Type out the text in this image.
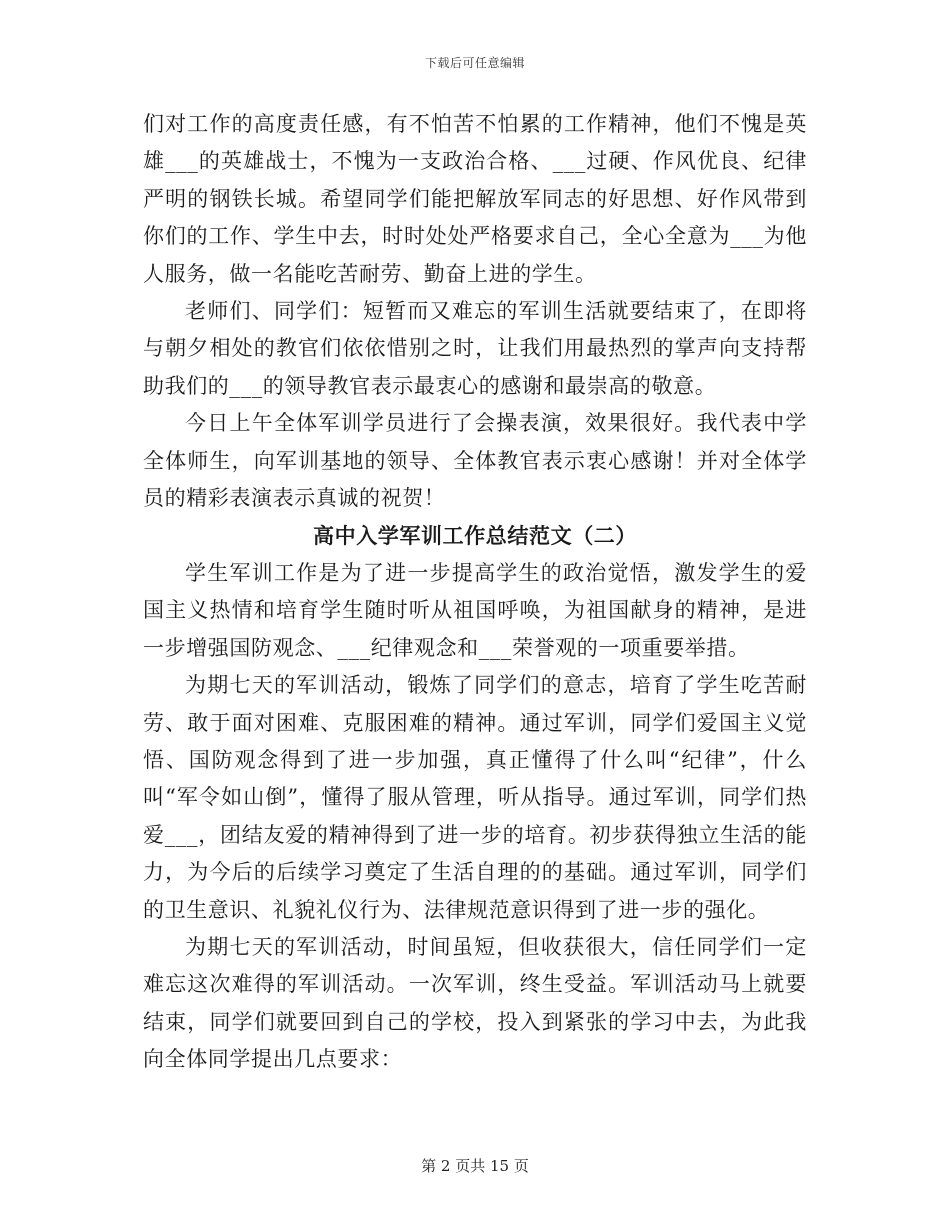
下载后可任意编辑

们对工作的高度责任感，有不怕苦不怕累的工作精神，他们不愧是英雄___的英雄战士，不愧为一支政治合格、___过硬、作风优良、纪律严明的钢铁长城。希望同学们能把解放军同志的好思想、好作风带到你们的工作、学生中去，时时处处严格要求自己，全心全意为___为他人服务，做一名能吃苦耐劳、勤奋上进的学生。

老师们、同学们：短暂而又难忘的军训生活就要结束了，在即将与朝夕相处的教官们依依惜别之时，让我们用最热烈的掌声向支持帮助我们的___的领导教官表示最衷心的感谢和最崇高的敬意。

今日上午全体军训学员进行了会操表演，效果很好。我代表中学全体师生，向军训基地的领导、全体教官表示衷心感谢！并对全体学员的精彩表演表示真诚的祝贺！

高中入学军训工作总结范文（二）

学生军训工作是为了进一步提高学生的政治觉悟，激发学生的爱国主义热情和培育学生随时听从祖国呼唤，为祖国献身的精神，是进一步增强国防观念、___纪律观念和___荣誉观的一项重要举措。

为期七天的军训活动，锻炼了同学们的意志，培育了学生吃苦耐劳、敢于面对困难、克服困难的精神。通过军训，同学们爱国主义觉悟、国防观念得到了进一步加强，真正懂得了什么叫“纪律”，什么叫“军令如山倒”，懂得了服从管理，听从指导。通过军训，同学们热爱___，团结友爱的精神得到了进一步的培育。初步获得独立生活的能力，为今后的后续学习奠定了生活自理的的基础。通过军训，同学们的卫生意识、礼貌礼仪行为、法律规范意识得到了进一步的强化。

为期七天的军训活动，时间虽短，但收获很大，信任同学们一定难忘这次难得的军训活动。一次军训，终生受益。军训活动马上就要结束，同学们就要回到自己的学校，投入到紧张的学习中去，为此我向全体同学提出几点要求：

第 2 页共 15 页
